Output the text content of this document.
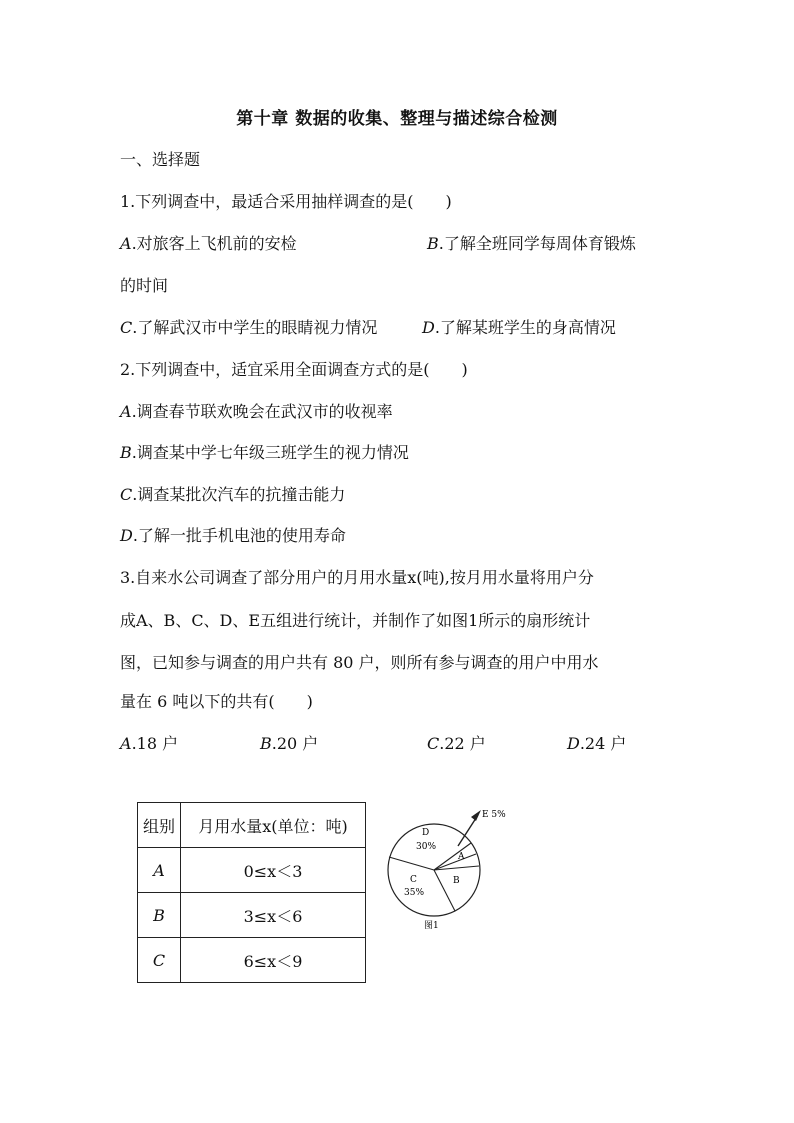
第十章 数据的收集、整理与描述综合检测
一、选择题
1.下列调查中，最适合采用抽样调查的是(　　)
A.对旅客上飞机前的安检	B.了解全班同学每周体育锻炼
的时间
C.了解武汉市中学生的眼睛视力情况	D.了解某班学生的身高情况
2.下列调查中，适宜采用全面调查方式的是(　　)
A.调查春节联欢晚会在武汉市的收视率
B.调查某中学七年级三班学生的视力情况
C.调查某批次汽车的抗撞击能力
D.了解一批手机电池的使用寿命
3.自来水公司调查了部分用户的月用水量x(吨),按月用水量将用户分
成A、B、C、D、E五组进行统计，并制作了如图1所示的扇形统计
图，已知参与调查的用户共有 80 户，则所有参与调查的用户中用水
量在 6 吨以下的共有(　　)
A.18 户	B.20 户	C.22 户	D.24 户
组别	月用水量x(单位：吨)
A	0≤x＜3
B	3≤x＜6
C	6≤x＜9
E 5%
D
30%
A
B
C
35%
图1
